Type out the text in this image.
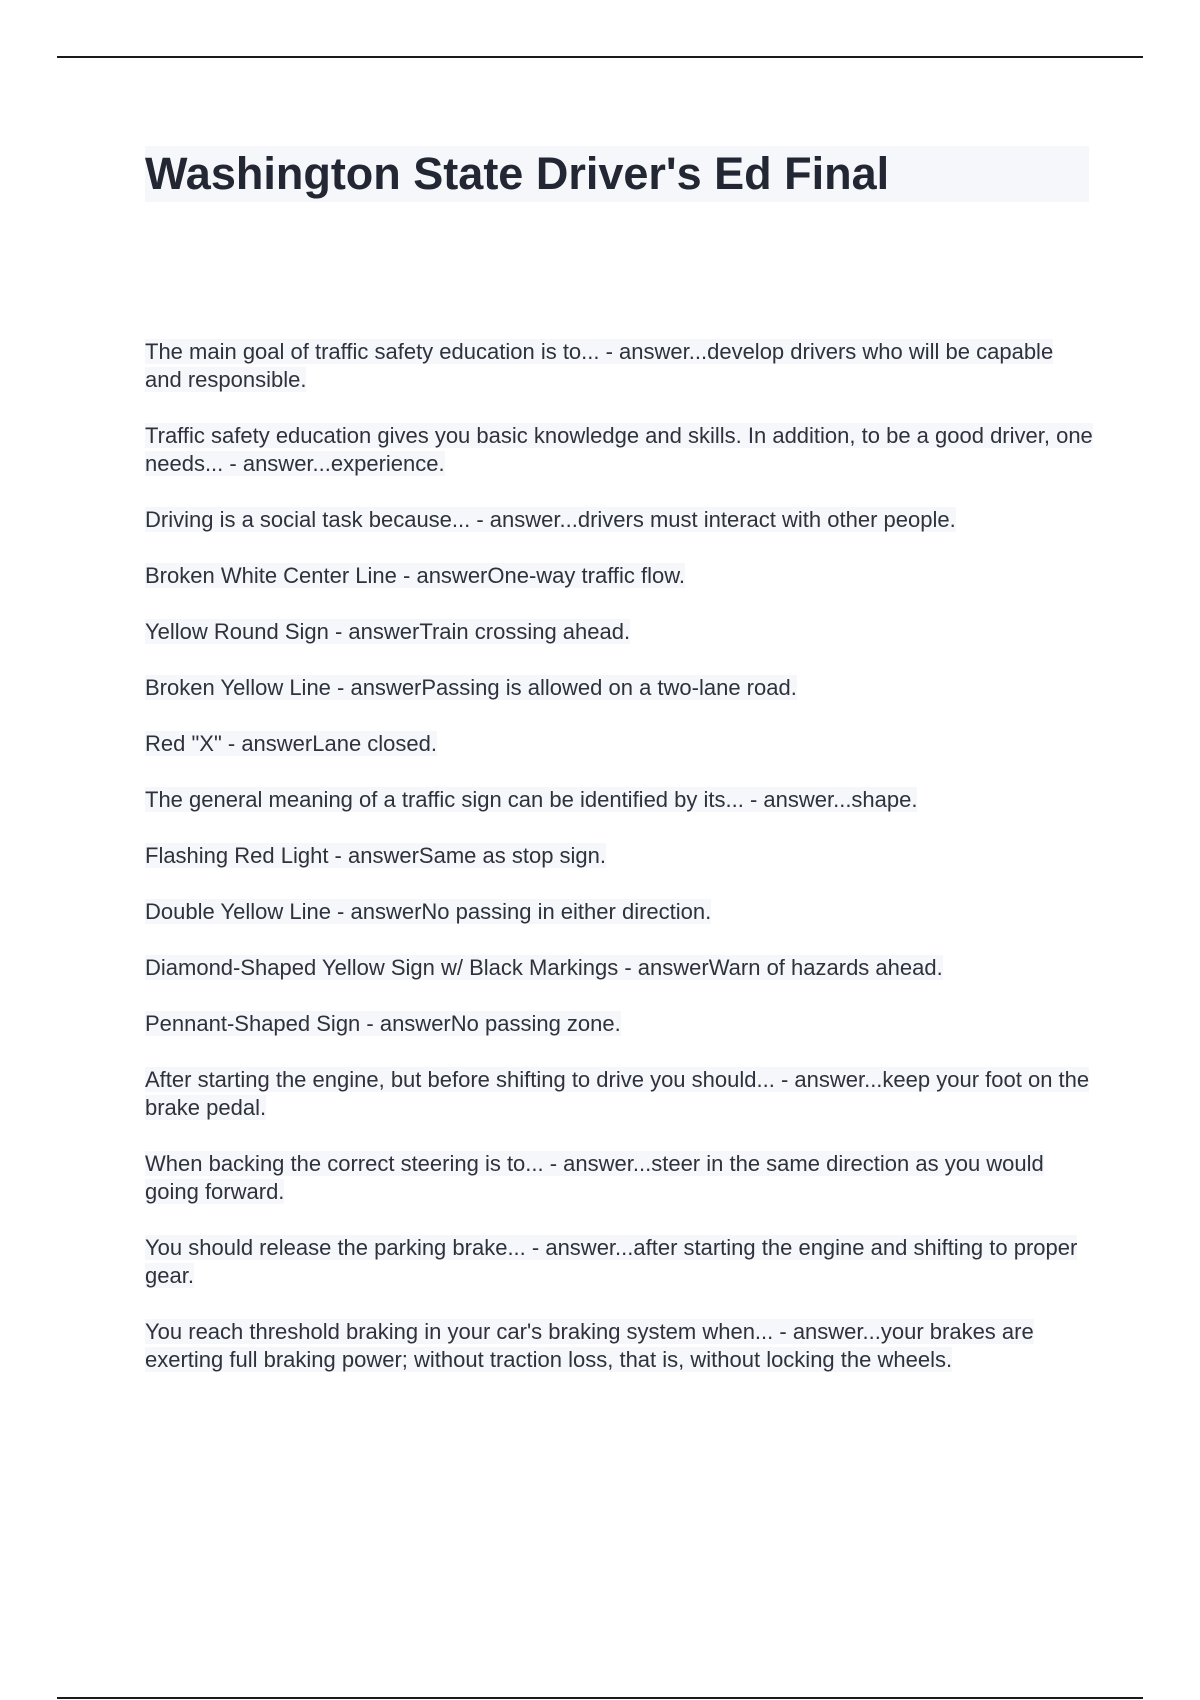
Washington State Driver's Ed Final
The main goal of traffic safety education is to... - answer...develop drivers who will be capable and responsible.
Traffic safety education gives you basic knowledge and skills. In addition, to be a good driver, one needs... - answer...experience.
Driving is a social task because... - answer...drivers must interact with other people.
Broken White Center Line - answerOne-way traffic flow.
Yellow Round Sign - answerTrain crossing ahead.
Broken Yellow Line - answerPassing is allowed on a two-lane road.
Red "X" - answerLane closed.
The general meaning of a traffic sign can be identified by its... - answer...shape.
Flashing Red Light - answerSame as stop sign.
Double Yellow Line - answerNo passing in either direction.
Diamond-Shaped Yellow Sign w/ Black Markings - answerWarn of hazards ahead.
Pennant-Shaped Sign - answerNo passing zone.
After starting the engine, but before shifting to drive you should... - answer...keep your foot on the brake pedal.
When backing the correct steering is to... - answer...steer in the same direction as you would going forward.
You should release the parking brake... - answer...after starting the engine and shifting to proper gear.
You reach threshold braking in your car's braking system when... - answer...your brakes are exerting full braking power; without traction loss, that is, without locking the wheels.
